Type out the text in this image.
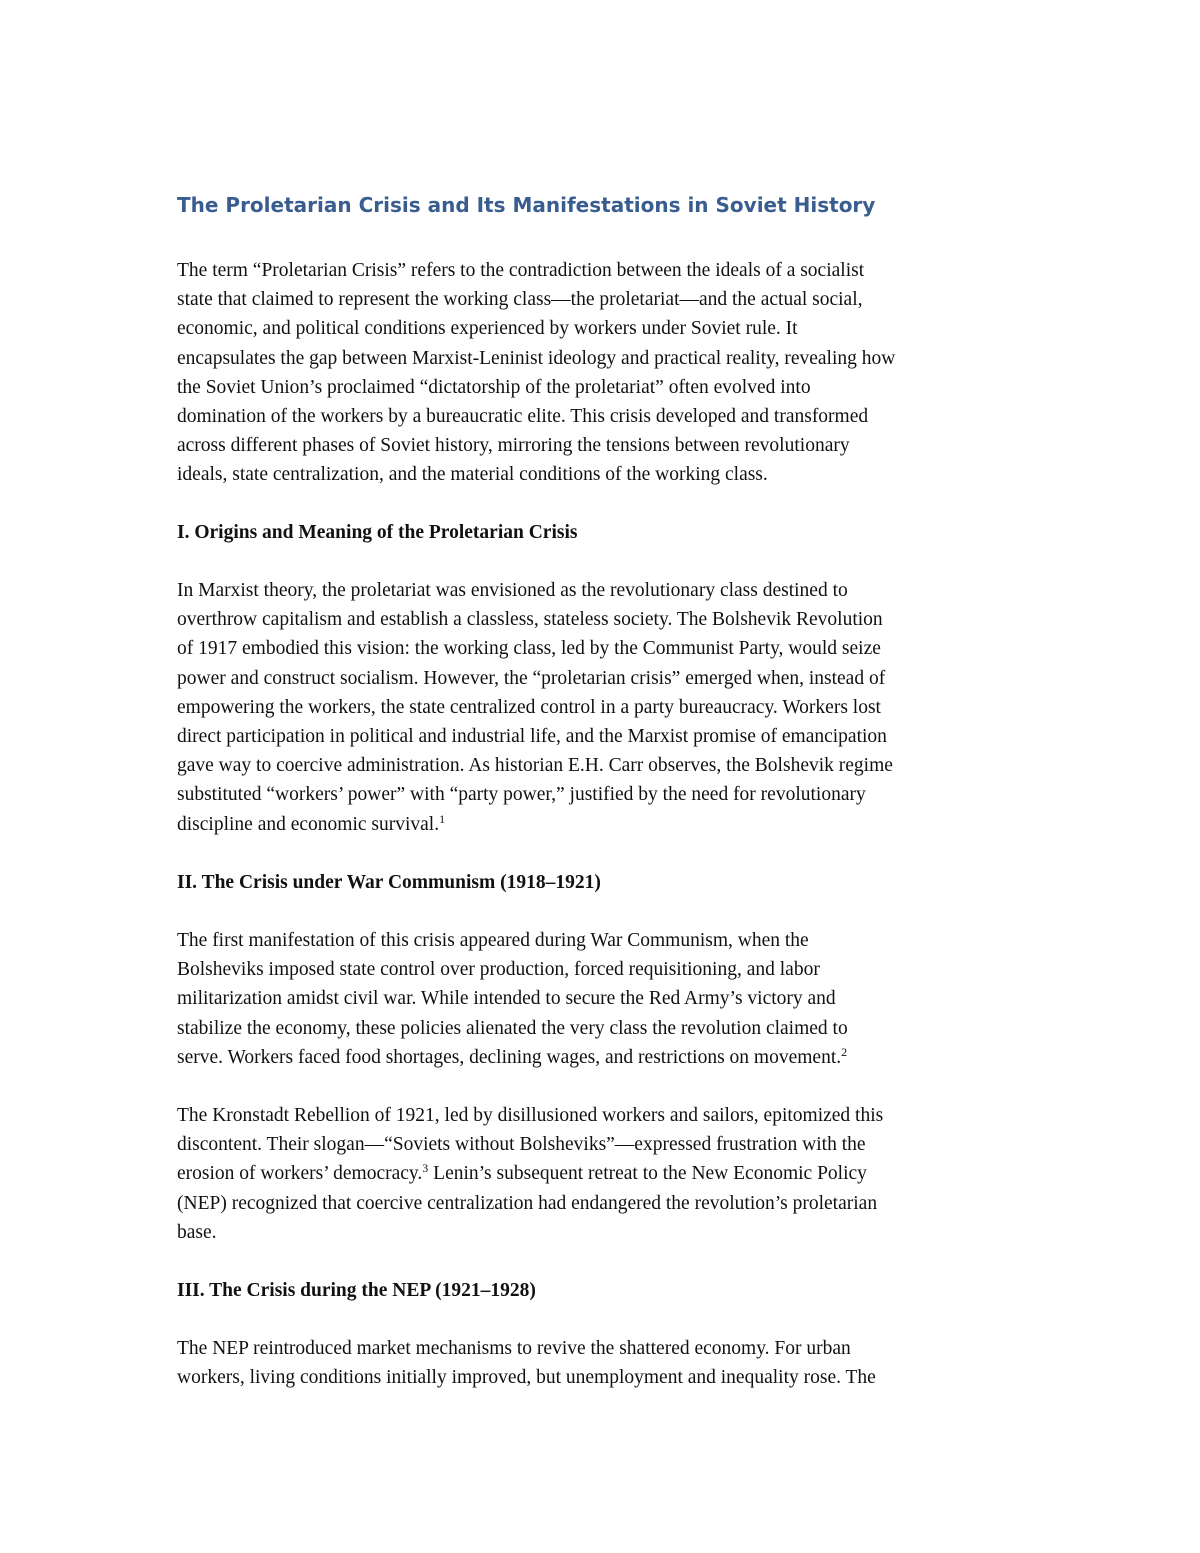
The Proletarian Crisis and Its Manifestations in Soviet History

The term “Proletarian Crisis” refers to the contradiction between the ideals of a socialist
state that claimed to represent the working class—the proletariat—and the actual social,
economic, and political conditions experienced by workers under Soviet rule. It
encapsulates the gap between Marxist-Leninist ideology and practical reality, revealing how
the Soviet Union’s proclaimed “dictatorship of the proletariat” often evolved into
domination of the workers by a bureaucratic elite. This crisis developed and transformed
across different phases of Soviet history, mirroring the tensions between revolutionary
ideals, state centralization, and the material conditions of the working class.

I. Origins and Meaning of the Proletarian Crisis

In Marxist theory, the proletariat was envisioned as the revolutionary class destined to
overthrow capitalism and establish a classless, stateless society. The Bolshevik Revolution
of 1917 embodied this vision: the working class, led by the Communist Party, would seize
power and construct socialism. However, the “proletarian crisis” emerged when, instead of
empowering the workers, the state centralized control in a party bureaucracy. Workers lost
direct participation in political and industrial life, and the Marxist promise of emancipation
gave way to coercive administration. As historian E.H. Carr observes, the Bolshevik regime
substituted “workers’ power” with “party power,” justified by the need for revolutionary
discipline and economic survival.$^1$

II. The Crisis under War Communism (1918–1921)

The first manifestation of this crisis appeared during War Communism, when the
Bolsheviks imposed state control over production, forced requisitioning, and labor
militarization amidst civil war. While intended to secure the Red Army’s victory and
stabilize the economy, these policies alienated the very class the revolution claimed to
serve. Workers faced food shortages, declining wages, and restrictions on movement.$^2$

The Kronstadt Rebellion of 1921, led by disillusioned workers and sailors, epitomized this
discontent. Their slogan—“Soviets without Bolsheviks”—expressed frustration with the
erosion of workers’ democracy.$^3$ Lenin’s subsequent retreat to the New Economic Policy
(NEP) recognized that coercive centralization had endangered the revolution’s proletarian
base.

III. The Crisis during the NEP (1921–1928)

The NEP reintroduced market mechanisms to revive the shattered economy. For urban
workers, living conditions initially improved, but unemployment and inequality rose. The
